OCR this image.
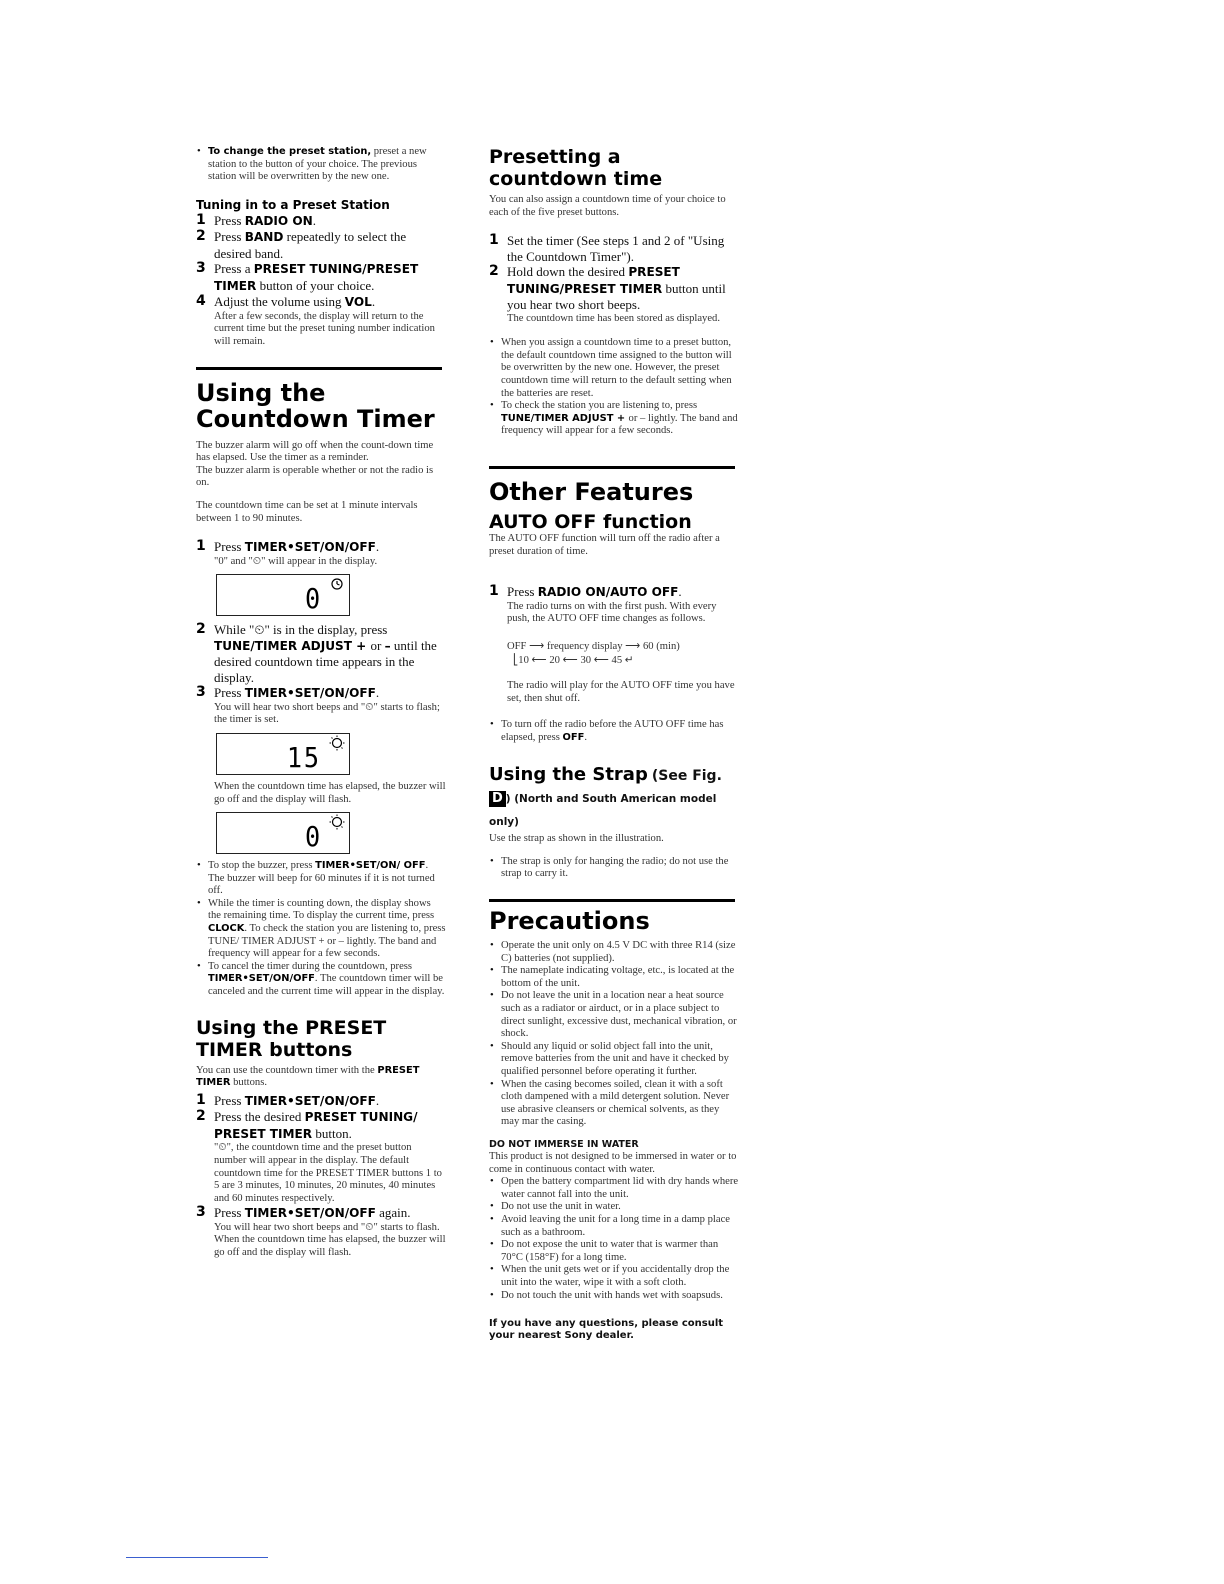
• To change the preset station, preset a new station to the button of your choice. The previous station will be overwritten by the new one.
Tuning in to a Preset Station
1 Press RADIO ON.
2 Press BAND repeatedly to select the desired band.
3 Press a PRESET TUNING/PRESET TIMER button of your choice.
4 Adjust the volume using VOL.
After a few seconds, the display will return to the current time but the preset tuning number indication will remain.
Using the
Countdown Timer
The buzzer alarm will go off when the count-down time has elapsed. Use the timer as a reminder.
The buzzer alarm is operable whether or not the radio is on.
The countdown time can be set at 1 minute intervals between 1 to 90 minutes.
1 Press TIMER•SET/ON/OFF.
"0" and "⏲" will appear in the display.
0
2 While "⏲" is in the display, press TUNE/TIMER ADJUST + or – until the desired countdown time appears in the display.
3 Press TIMER•SET/ON/OFF.
You will hear two short beeps and "⏲" starts to flash; the timer is set.
15
When the countdown time has elapsed, the buzzer will go off and the display will flash.
0
• To stop the buzzer, press TIMER•SET/ON/ OFF. The buzzer will beep for 60 minutes if it is not turned off.
• While the timer is counting down, the display shows the remaining time. To display the current time, press CLOCK. To check the station you are listening to, press TUNE/ TIMER ADJUST + or – lightly. The band and frequency will appear for a few seconds.
• To cancel the timer during the countdown, press TIMER•SET/ON/OFF. The countdown timer will be canceled and the current time will appear in the display.
Using the PRESET TIMER buttons
You can use the countdown timer with the PRESET TIMER buttons.
1 Press TIMER•SET/ON/OFF.
2 Press the desired PRESET TUNING/ PRESET TIMER button.
"⏲", the countdown time and the preset button number will appear in the display. The default countdown time for the PRESET TIMER buttons 1 to 5 are 3 minutes, 10 minutes, 20 minutes, 40 minutes and 60 minutes respectively.
3 Press TIMER•SET/ON/OFF again.
You will hear two short beeps and "⏲" starts to flash. When the countdown time has elapsed, the buzzer will go off and the display will flash.
Presetting a countdown time
You can also assign a countdown time of your choice to each of the five preset buttons.
1 Set the timer (See steps 1 and 2 of "Using the Countdown Timer").
2 Hold down the desired PRESET TUNING/PRESET TIMER button until you hear two short beeps.
The countdown time has been stored as displayed.
• When you assign a countdown time to a preset button, the default countdown time assigned to the button will be overwritten by the new one. However, the preset countdown time will return to the default setting when the batteries are reset.
• To check the station you are listening to, press TUNE/TIMER ADJUST + or – lightly. The band and frequency will appear for a few seconds.
Other Features
AUTO OFF function
The AUTO OFF function will turn off the radio after a preset duration of time.
1 Press RADIO ON/AUTO OFF.
The radio turns on with the first push. With every push, the AUTO OFF time changes as follows.
OFF ⟶ frequency display ⟶ 60 (min)
⎣10 ⟵ 20 ⟵ 30 ⟵ 45 ↵
The radio will play for the AUTO OFF time you have set, then shut off.
• To turn off the radio before the AUTO OFF time has elapsed, press OFF.
Using the Strap (See Fig.
D ) (North and South American model only)
Use the strap as shown in the illustration.
• The strap is only for hanging the radio; do not use the strap to carry it.
Precautions
• Operate the unit only on 4.5 V DC with three R14 (size C) batteries (not supplied).
• The nameplate indicating voltage, etc., is located at the bottom of the unit.
• Do not leave the unit in a location near a heat source such as a radiator or airduct, or in a place subject to direct sunlight, excessive dust, mechanical vibration, or shock.
• Should any liquid or solid object fall into the unit, remove batteries from the unit and have it checked by qualified personnel before operating it further.
• When the casing becomes soiled, clean it with a soft cloth dampened with a mild detergent solution. Never use abrasive cleansers or chemical solvents, as they may mar the casing.
DO NOT IMMERSE IN WATER
This product is not designed to be immersed in water or to come in continuous contact with water.
• Open the battery compartment lid with dry hands where water cannot fall into the unit.
• Do not use the unit in water.
• Avoid leaving the unit for a long time in a damp place such as a bathroom.
• Do not expose the unit to water that is warmer than 70°C (158°F) for a long time.
• When the unit gets wet or if you accidentally drop the unit into the water, wipe it with a soft cloth.
• Do not touch the unit with hands wet with soapsuds.
If you have any questions, please consult your nearest Sony dealer.
